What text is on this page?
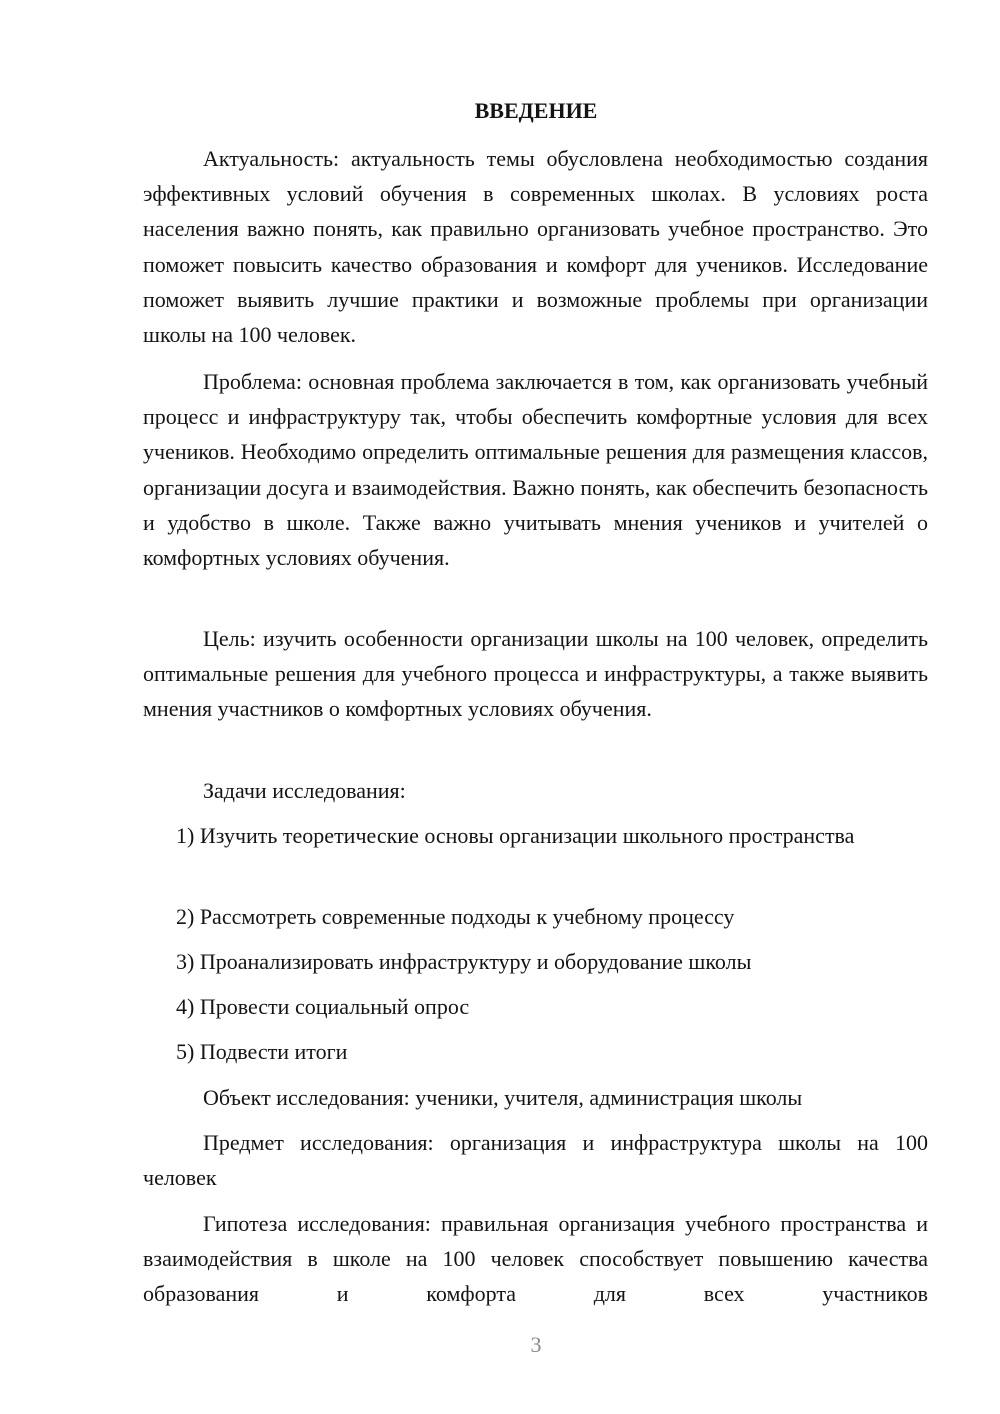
ВВЕДЕНИЕ

Актуальность: актуальность темы обусловлена необходимостью создания эффективных условий обучения в современных школах. В условиях роста населения важно понять, как правильно организовать учебное пространство. Это поможет повысить качество образования и комфорт для учеников. Исследование поможет выявить лучшие практики и возможные проблемы при организации школы на 100 человек.

Проблема: основная проблема заключается в том, как организовать учебный процесс и инфраструктуру так, чтобы обеспечить комфортные условия для всех учеников. Необходимо определить оптимальные решения для размещения классов, организации досуга и взаимодействия. Важно понять, как обеспечить безопасность и удобство в школе. Также важно учитывать мнения учеников и учителей о комфортных условиях обучения.

Цель: изучить особенности организации школы на 100 человек, определить оптимальные решения для учебного процесса и инфраструктуры, а также выявить мнения участников о комфортных условиях обучения.

Задачи исследования:

1) Изучить теоретические основы организации школьного пространства
2) Рассмотреть современные подходы к учебному процессу
3) Проанализировать инфраструктуру и оборудование школы
4) Провести социальный опрос
5) Подвести итоги

Объект исследования: ученики, учителя, администрация школы

Предмет исследования: организация и инфраструктура школы на 100 человек

Гипотеза исследования: правильная организация учебного пространства и взаимодействия в школе на 100 человек способствует повышению качества образования и комфорта для всех участников

3
